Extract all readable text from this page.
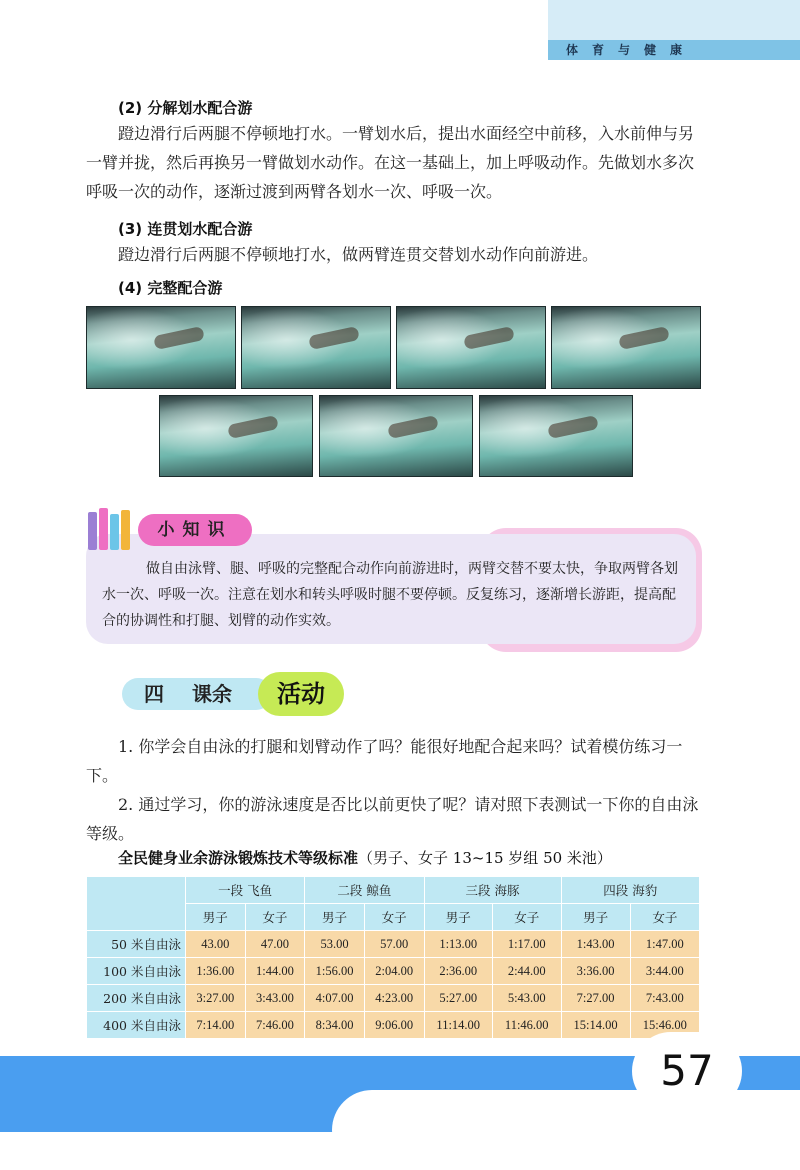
体育与健康
(2) 分解划水配合游

蹬边滑行后两腿不停顿地打水。一臂划水后，提出水面经空中前移，入水前伸与另一臂并拢，然后再换另一臂做划水动作。在这一基础上，加上呼吸动作。先做划水多次呼吸一次的动作，逐渐过渡到两臂各划水一次、呼吸一次。

(3) 连贯划水配合游

蹬边滑行后两腿不停顿地打水，做两臂连贯交替划水动作向前游进。

(4) 完整配合游
小知识

做自由泳臂、腿、呼吸的完整配合动作向前游进时，两臂交替不要太快，争取两臂各划水一次、呼吸一次。注意在划水和转头呼吸时腿不要停顿。反复练习，逐渐增长游距，提高配合的协调性和打腿、划臂的动作实效。

四 课余	活动

1. 你学会自由泳的打腿和划臂动作了吗？能很好地配合起来吗？试着模仿练习一下。

2. 通过学习，你的游泳速度是否比以前更快了呢？请对照下表测试一下你的自由泳等级。

全民健身业余游泳锻炼技术等级标准（男子、女子 13~15 岁组 50 米池）
	一段 飞鱼		二段 鲸鱼		三段 海豚		四段 海豹	
	男子	女子	男子	女子	男子	女子	男子	女子
50 米自由泳	43.00	47.00	53.00	57.00	1:13.00	1:17.00	1:43.00	1:47.00
100 米自由泳	1:36.00	1:44.00	1:56.00	2:04.00	2:36.00	2:44.00	3:36.00	3:44.00
200 米自由泳	3:27.00	3:43.00	4:07.00	4:23.00	5:27.00	5:43.00	7:27.00	7:43.00
400 米自由泳	7:14.00	7:46.00	8:34.00	9:06.00	11:14.00	11:46.00	15:14.00	15:46.00
57
